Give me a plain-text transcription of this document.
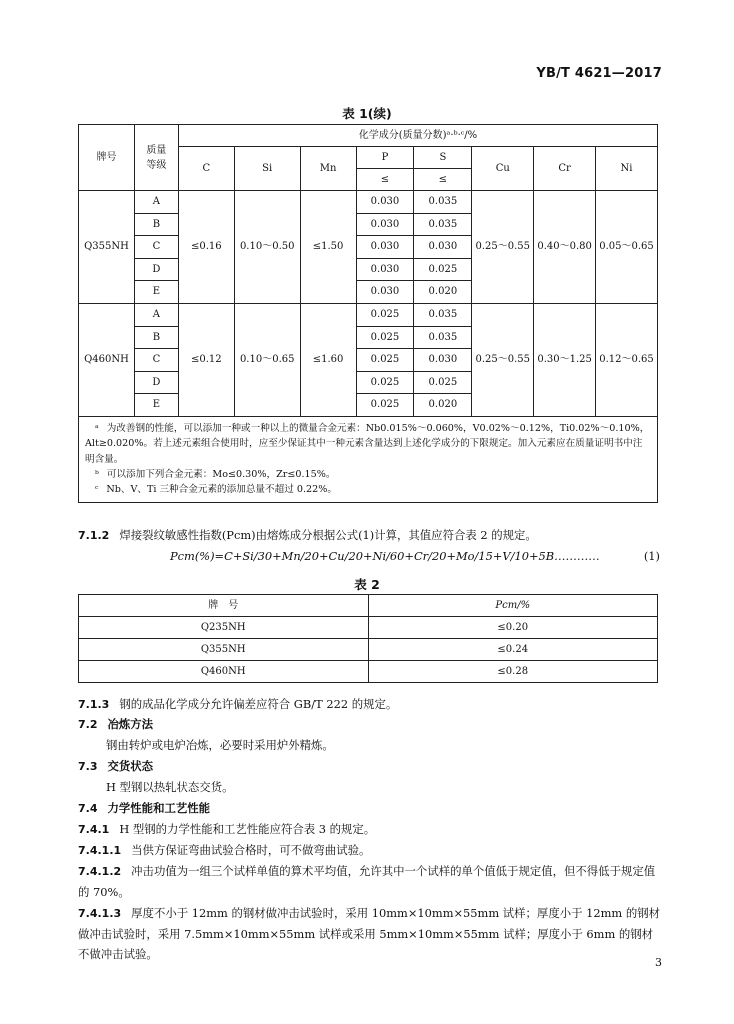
YB/T 4621—2017
表 1(续)
牌号	质量等级	化学成分(质量分数)ᵃ·ᵇ·ᶜ/%							
		C	Si	Mn	P	S	Cu	Cr	Ni
					≤	≤			
Q355NH	A	≤0.16	0.10～0.50	≤1.50	0.030	0.035	0.25～0.55	0.40～0.80	0.05～0.65
	B				0.030	0.035			
	C				0.030	0.030			
	D				0.030	0.025			
	E				0.030	0.020			
Q460NH	A	≤0.12	0.10～0.65	≤1.60	0.025	0.035	0.25～0.55	0.30～1.25	0.12～0.65
	B				0.025	0.035			
	C				0.025	0.030			
	D				0.025	0.025			
	E				0.025	0.020			

ᵃ 为改善钢的性能，可以添加一种或一种以上的微量合金元素：Nb0.015%～0.060%，V0.02%～0.12%，Ti0.02%～0.10%，Alt≥0.020%。若上述元素组合使用时，应至少保证其中一种元素含量达到上述化学成分的下限规定。加入元素应在质量证明书中注明含量。
ᵇ 可以添加下列合金元素：Mo≤0.30%，Zr≤0.15%。
ᶜ Nb、V、Ti 三种合金元素的添加总量不超过 0.22%。									
7.1.2 焊接裂纹敏感性指数(Pcm)由熔炼成分根据公式(1)计算，其值应符合表 2 的规定。
Pcm(%)=C+Si/30+Mn/20+Cu/20+Ni/60+Cr/20+Mo/15+V/10+5B…………	(1)
表 2
牌　号	Pcm/%
Q235NH	≤0.20
Q355NH	≤0.24
Q460NH	≤0.28
7.1.3 钢的成品化学成分允许偏差应符合 GB/T 222 的规定。
7.2 冶炼方法
钢由转炉或电炉冶炼，必要时采用炉外精炼。
7.3 交货状态
H 型钢以热轧状态交货。
7.4 力学性能和工艺性能
7.4.1 H 型钢的力学性能和工艺性能应符合表 3 的规定。
7.4.1.1 当供方保证弯曲试验合格时，可不做弯曲试验。
7.4.1.2 冲击功值为一组三个试样单值的算术平均值，允许其中一个试样的单个值低于规定值，但不得低于规定值的 70%。
7.4.1.3 厚度不小于 12mm 的钢材做冲击试验时，采用 10mm×10mm×55mm 试样；厚度小于 12mm 的钢材做冲击试验时，采用 7.5mm×10mm×55mm 试样或采用 5mm×10mm×55mm 试样；厚度小于 6mm 的钢材不做冲击试验。
3
